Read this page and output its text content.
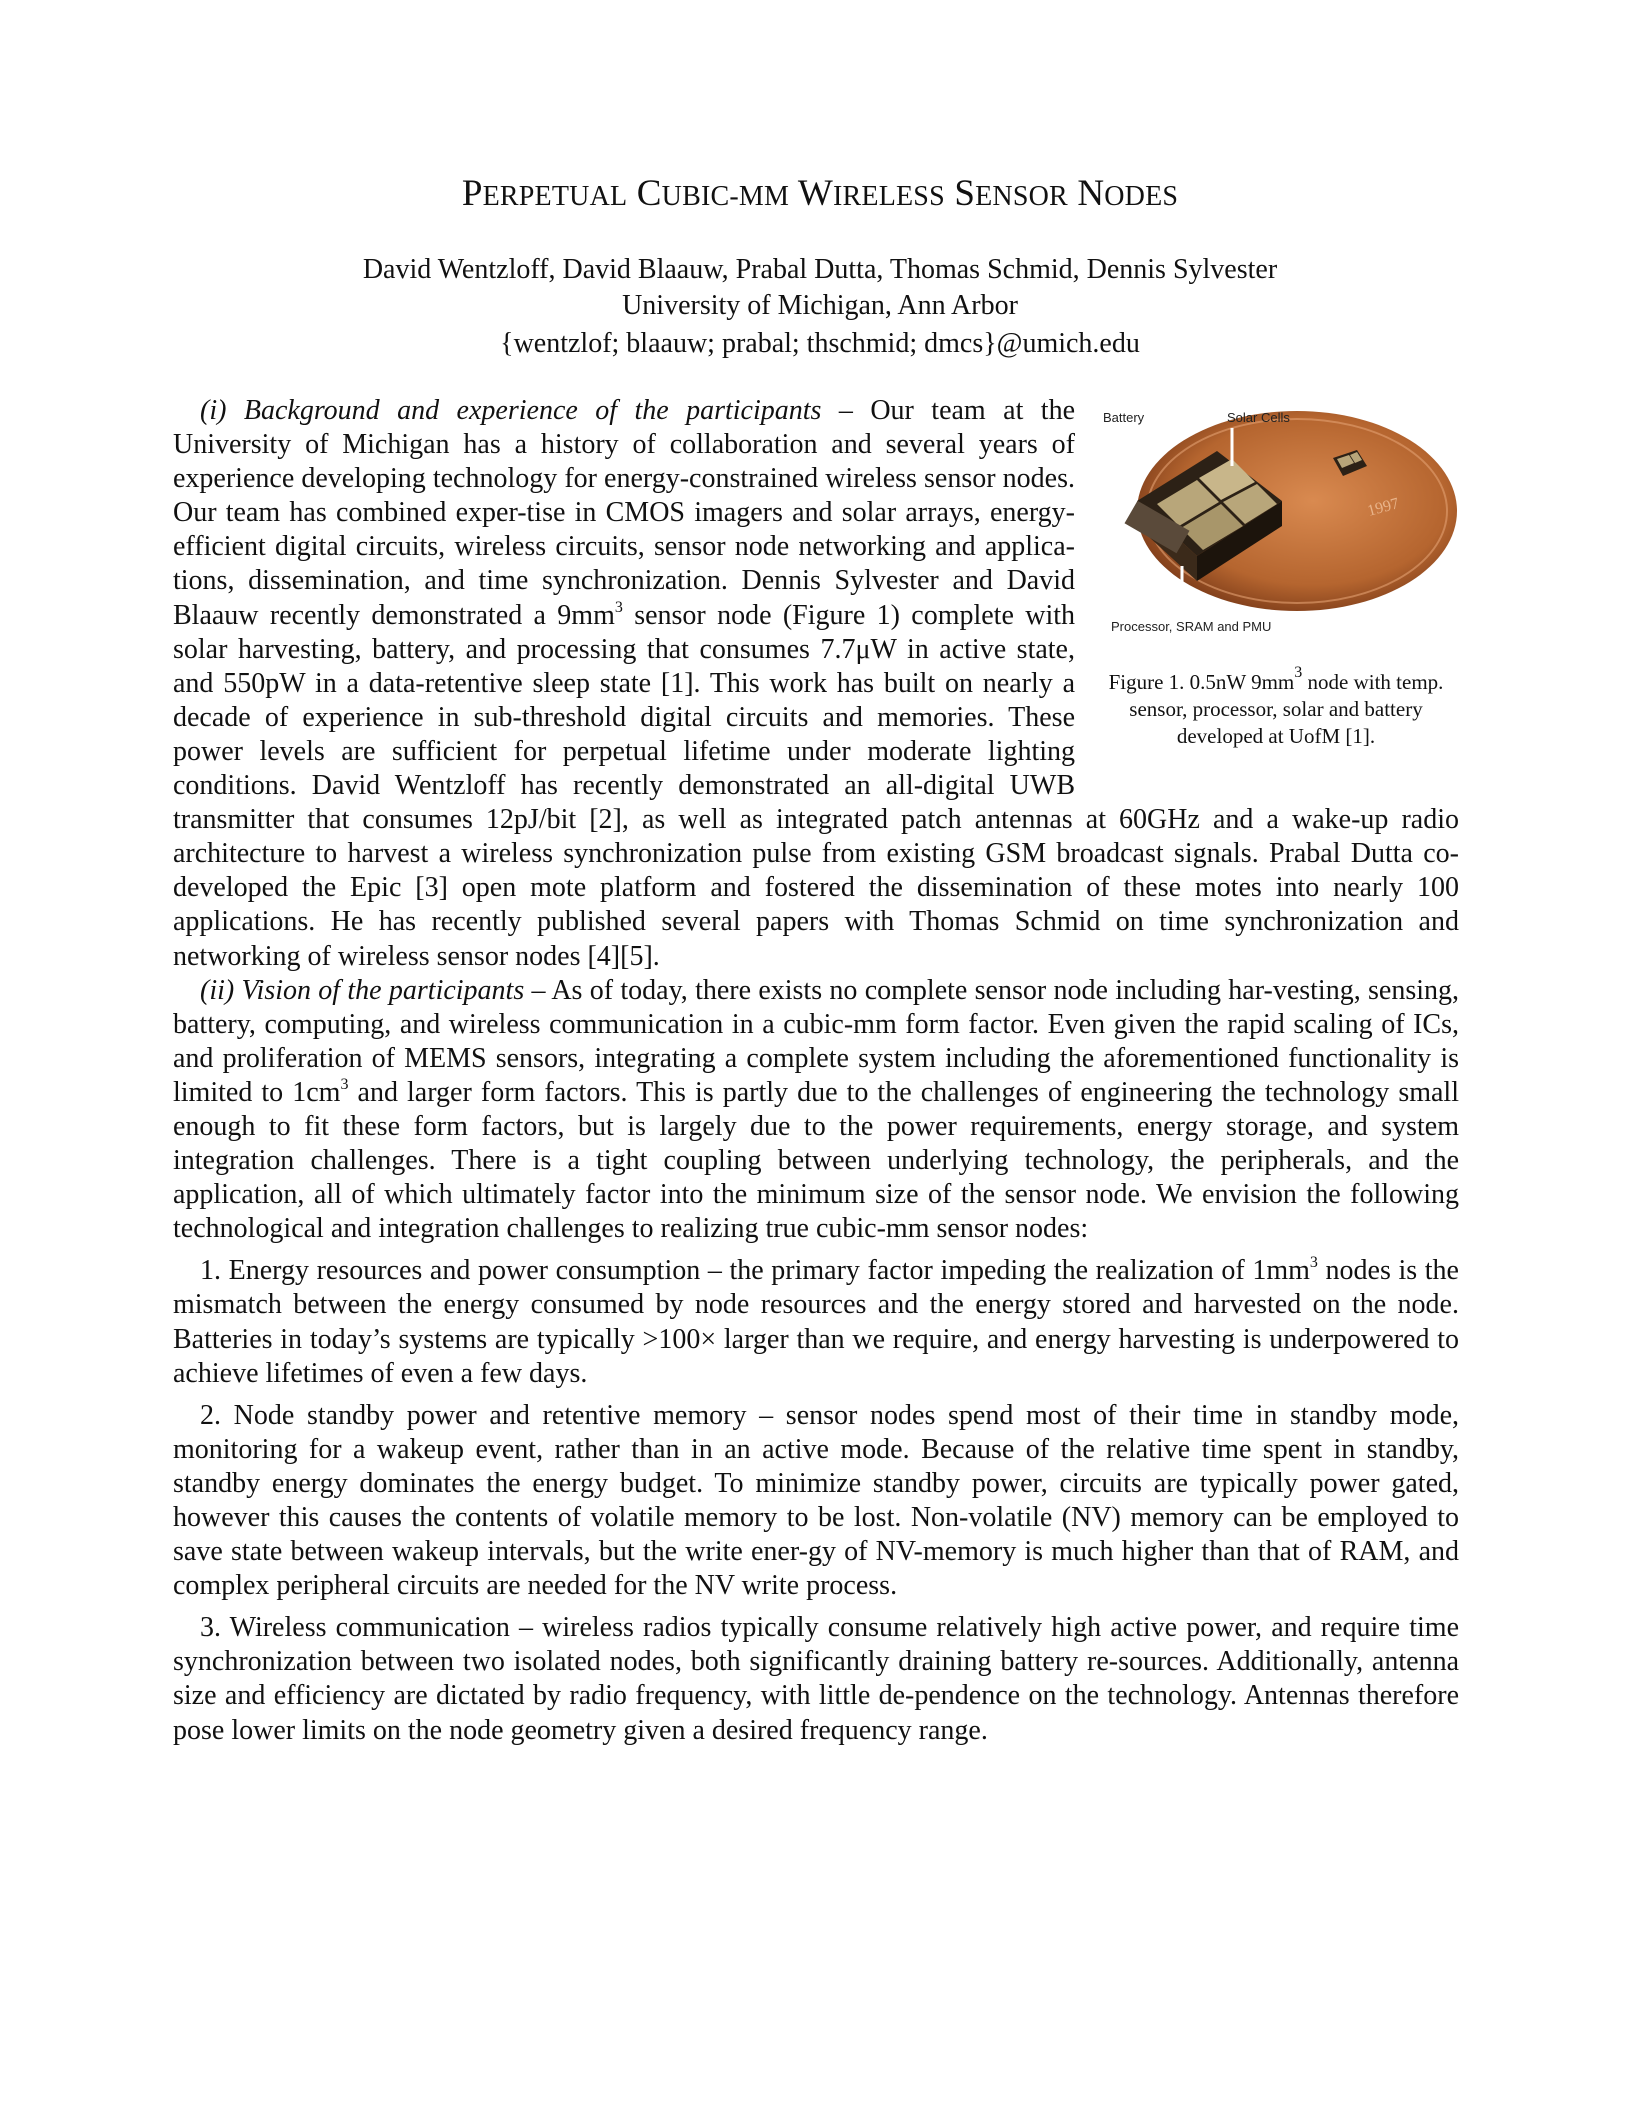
PERPETUAL CUBIC-MM WIRELESS SENSOR NODES
David Wentzloff, David Blaauw, Prabal Dutta, Thomas Schmid, Dennis Sylvester
University of Michigan, Ann Arbor
{wentzlof; blaauw; prabal; thschmid; dmcs}@umich.edu
1997
Battery	Solar Cells
Processor, SRAM and PMU
Figure 1. 0.5nW $9mm^3$ node with temp. sensor, processor, solar and battery developed at UofM [1].

(i) Background and experience of the participants – Our team at the University of Michigan has a history of collaboration and several years of experience developing technology for energy-constrained wireless sensor nodes. Our team has combined exper-tise in CMOS imagers and solar arrays, energy-efficient digital circuits, wireless circuits, sensor node networking and applica-tions, dissemination, and time synchronization. Dennis Sylvester and David Blaauw recently demonstrated a $9mm^3$ sensor node (Figure 1) complete with solar harvesting, battery, and processing that consumes 7.7μW in active state, and 550pW in a data-retentive sleep state [1]. This work has built on nearly a decade of experience in sub-threshold digital circuits and memories. These power levels are sufficient for perpetual lifetime under moderate lighting conditions. David Wentzloff has recently demonstrated an all-digital UWB transmitter that consumes 12pJ/bit [2], as well as integrated patch antennas at 60GHz and a wake-up radio architecture to harvest a wireless synchronization pulse from existing GSM broadcast signals. Prabal Dutta co-developed the Epic [3] open mote platform and fostered the dissemination of these motes into nearly 100 applications. He has recently published several papers with Thomas Schmid on time synchronization and networking of wireless sensor nodes [4][5].

(ii) Vision of the participants – As of today, there exists no complete sensor node including har-vesting, sensing, battery, computing, and wireless communication in a cubic-mm form factor. Even given the rapid scaling of ICs, and proliferation of MEMS sensors, integrating a complete system including the aforementioned functionality is limited to $1cm^3$ and larger form factors. This is partly due to the challenges of engineering the technology small enough to fit these form factors, but is largely due to the power requirements, energy storage, and system integration challenges. There is a tight coupling between underlying technology, the peripherals, and the application, all of which ultimately factor into the minimum size of the sensor node. We envision the following technological and integration challenges to realizing true cubic-mm sensor nodes:

1. Energy resources and power consumption – the primary factor impeding the realization of $1mm^3$ nodes is the mismatch between the energy consumed by node resources and the energy stored and harvested on the node. Batteries in today’s systems are typically >100× larger than we require, and energy harvesting is underpowered to achieve lifetimes of even a few days.

2. Node standby power and retentive memory – sensor nodes spend most of their time in standby mode, monitoring for a wakeup event, rather than in an active mode. Because of the relative time spent in standby, standby energy dominates the energy budget. To minimize standby power, circuits are typically power gated, however this causes the contents of volatile memory to be lost. Non-volatile (NV) memory can be employed to save state between wakeup intervals, but the write ener-gy of NV-memory is much higher than that of RAM, and complex peripheral circuits are needed for the NV write process.

3. Wireless communication – wireless radios typically consume relatively high active power, and require time synchronization between two isolated nodes, both significantly draining battery re-sources. Additionally, antenna size and efficiency are dictated by radio frequency, with little de-pendence on the technology. Antennas therefore pose lower limits on the node geometry given a desired frequency range.
